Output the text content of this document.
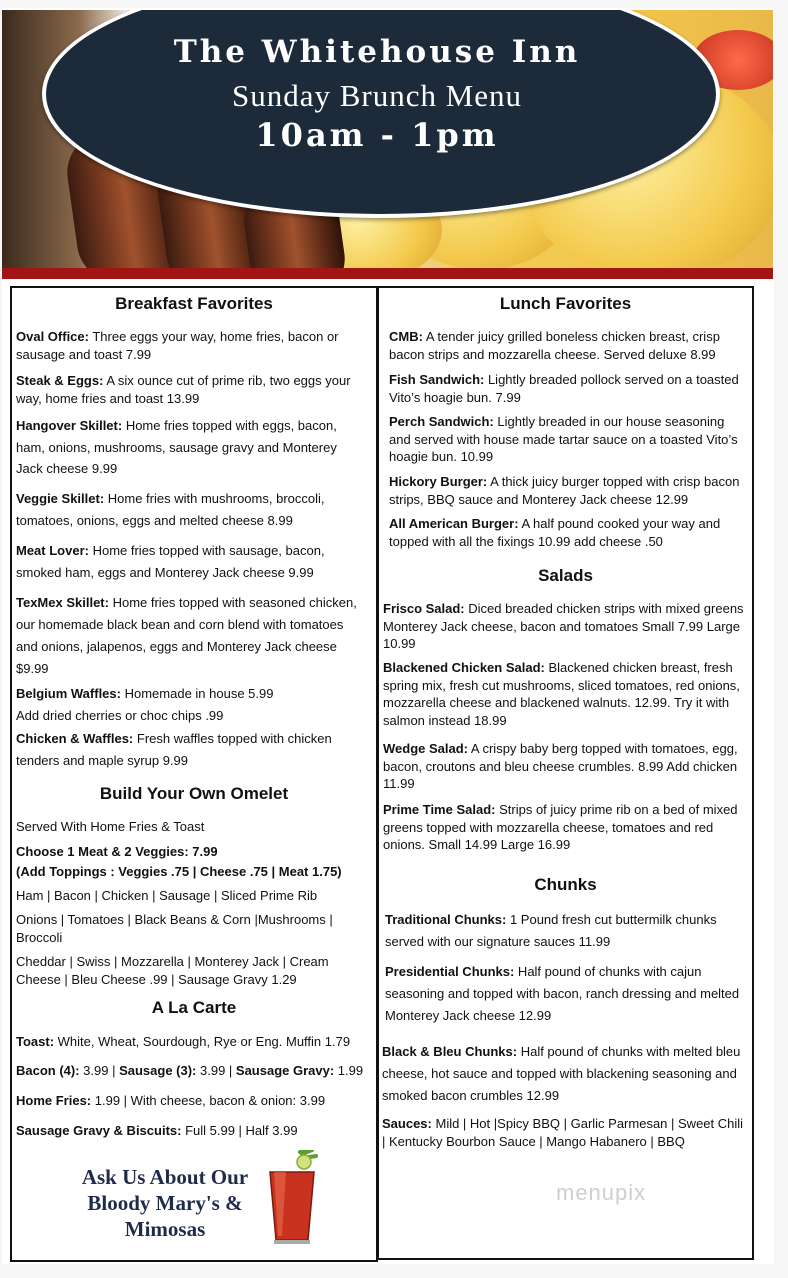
The Whitehouse Inn
Sunday Brunch Menu
10am - 1pm
Breakfast Favorites
Oval Office: Three eggs your way, home fries, bacon or sausage and toast 7.99
Steak & Eggs: A six ounce cut of prime rib, two eggs your way, home fries and toast 13.99
Hangover Skillet: Home fries topped with eggs, bacon, ham, onions, mushrooms, sausage gravy and Monterey Jack cheese 9.99
Veggie Skillet: Home fries with mushrooms, broccoli, tomatoes, onions, eggs and melted cheese 8.99
Meat Lover: Home fries topped with sausage, bacon, smoked ham, eggs and Monterey Jack cheese 9.99
TexMex Skillet: Home fries topped with seasoned chicken, our homemade black bean and corn blend with tomatoes and onions, jalapenos, eggs and Monterey Jack cheese $9.99
Belgium Waffles: Homemade in house 5.99
Add dried cherries or choc chips .99
Chicken & Waffles: Fresh waffles topped with chicken tenders and maple syrup 9.99
Build Your Own Omelet
Served With Home Fries & Toast
Choose 1 Meat & 2 Veggies: 7.99
(Add Toppings : Veggies .75 | Cheese .75 | Meat 1.75)
Ham | Bacon | Chicken | Sausage | Sliced Prime Rib
Onions | Tomatoes | Black Beans & Corn |Mushrooms | Broccoli
Cheddar | Swiss | Mozzarella | Monterey Jack | Cream Cheese | Bleu Cheese .99 | Sausage Gravy 1.29
A La Carte
Toast: White, Wheat, Sourdough, Rye or Eng. Muffin 1.79
Bacon (4): 3.99 | Sausage (3): 3.99 | Sausage Gravy: 1.99
Home Fries: 1.99 | With cheese, bacon & onion: 3.99
Sausage Gravy & Biscuits: Full 5.99 | Half 3.99
Ask Us About Our
Bloody Mary's &
Mimosas
Lunch Favorites
CMB: A tender juicy grilled boneless chicken breast, crisp bacon strips and mozzarella cheese. Served deluxe 8.99
Fish Sandwich: Lightly breaded pollock served on a toasted Vito’s hoagie bun. 7.99
Perch Sandwich: Lightly breaded in our house seasoning and served with house made tartar sauce on a toasted Vito’s hoagie bun. 10.99
Hickory Burger: A thick juicy burger topped with crisp bacon strips, BBQ sauce and Monterey Jack cheese 12.99
All American Burger: A half pound cooked your way and topped with all the fixings 10.99 add cheese .50
Salads
Frisco Salad: Diced breaded chicken strips with mixed greens Monterey Jack cheese, bacon and tomatoes Small 7.99 Large 10.99
Blackened Chicken Salad: Blackened chicken breast, fresh spring mix, fresh cut mushrooms, sliced tomatoes, red onions, mozzarella cheese and blackened walnuts. 12.99. Try it with salmon instead 18.99
Wedge Salad: A crispy baby berg topped with tomatoes, egg, bacon, croutons and bleu cheese crumbles. 8.99 Add chicken 11.99
Prime Time Salad: Strips of juicy prime rib on a bed of mixed greens topped with mozzarella cheese, tomatoes and red onions. Small 14.99 Large 16.99
Chunks
Traditional Chunks: 1 Pound fresh cut buttermilk chunks served with our signature sauces 11.99
Presidential Chunks: Half pound of chunks with cajun seasoning and topped with bacon, ranch dressing and melted Monterey Jack cheese 12.99
Black & Bleu Chunks: Half pound of chunks with melted bleu cheese, hot sauce and topped with blackening seasoning and smoked bacon crumbles 12.99
Sauces: Mild | Hot |Spicy BBQ | Garlic Parmesan | Sweet Chili | Kentucky Bourbon Sauce | Mango Habanero | BBQ
menupix
